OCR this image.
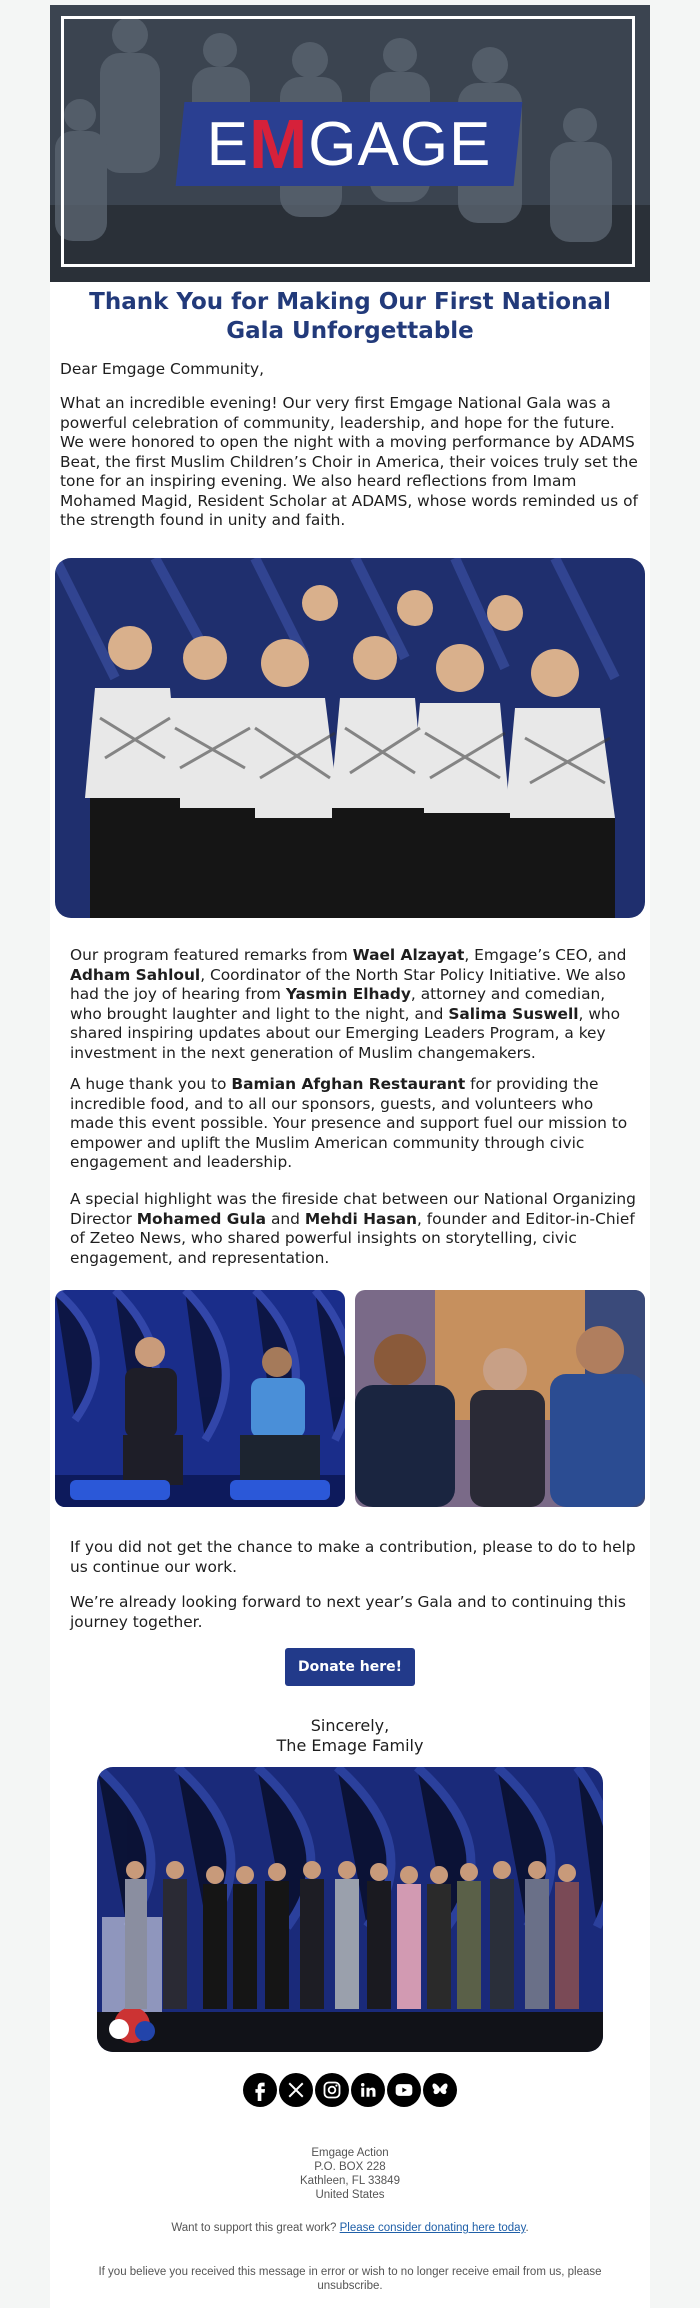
E M GAGE
Thank You for Making Our First National Gala Unforgettable
Dear Emgage Community,
What an incredible evening! Our very first Emgage National Gala was a powerful celebration of community, leadership, and hope for the future. We were honored to open the night with a moving performance by ADAMS Beat, the first Muslim Children’s Choir in America, their voices truly set the tone for an inspiring evening. We also heard reflections from Imam Mohamed Magid, Resident Scholar at ADAMS, whose words reminded us of the strength found in unity and faith.
Our program featured remarks from Wael Alzayat, Emgage’s CEO, and Adham Sahloul, Coordinator of the North Star Policy Initiative. We also had the joy of hearing from Yasmin Elhady, attorney and comedian, who brought laughter and light to the night, and Salima Suswell, who shared inspiring updates about our Emerging Leaders Program, a key investment in the next generation of Muslim changemakers.
A huge thank you to Bamian Afghan Restaurant for providing the incredible food, and to all our sponsors, guests, and volunteers who made this event possible. Your presence and support fuel our mission to empower and uplift the Muslim American community through civic engagement and leadership.
A special highlight was the fireside chat between our National Organizing Director Mohamed Gula and Mehdi Hasan, founder and Editor-in-Chief of Zeteo News, who shared powerful insights on storytelling, civic engagement, and representation.
If you did not get the chance to make a contribution, please to do to help us continue our work.
We’re already looking forward to next year’s Gala and to continuing this journey together.
Donate here!
Sincerely,
The Emage Family
Emgage Action
P.O. BOX 228
Kathleen, FL 33849
United States
Want to support this great work? Please consider donating here today.
If you believe you received this message in error or wish to no longer receive email from us, please unsubscribe.
